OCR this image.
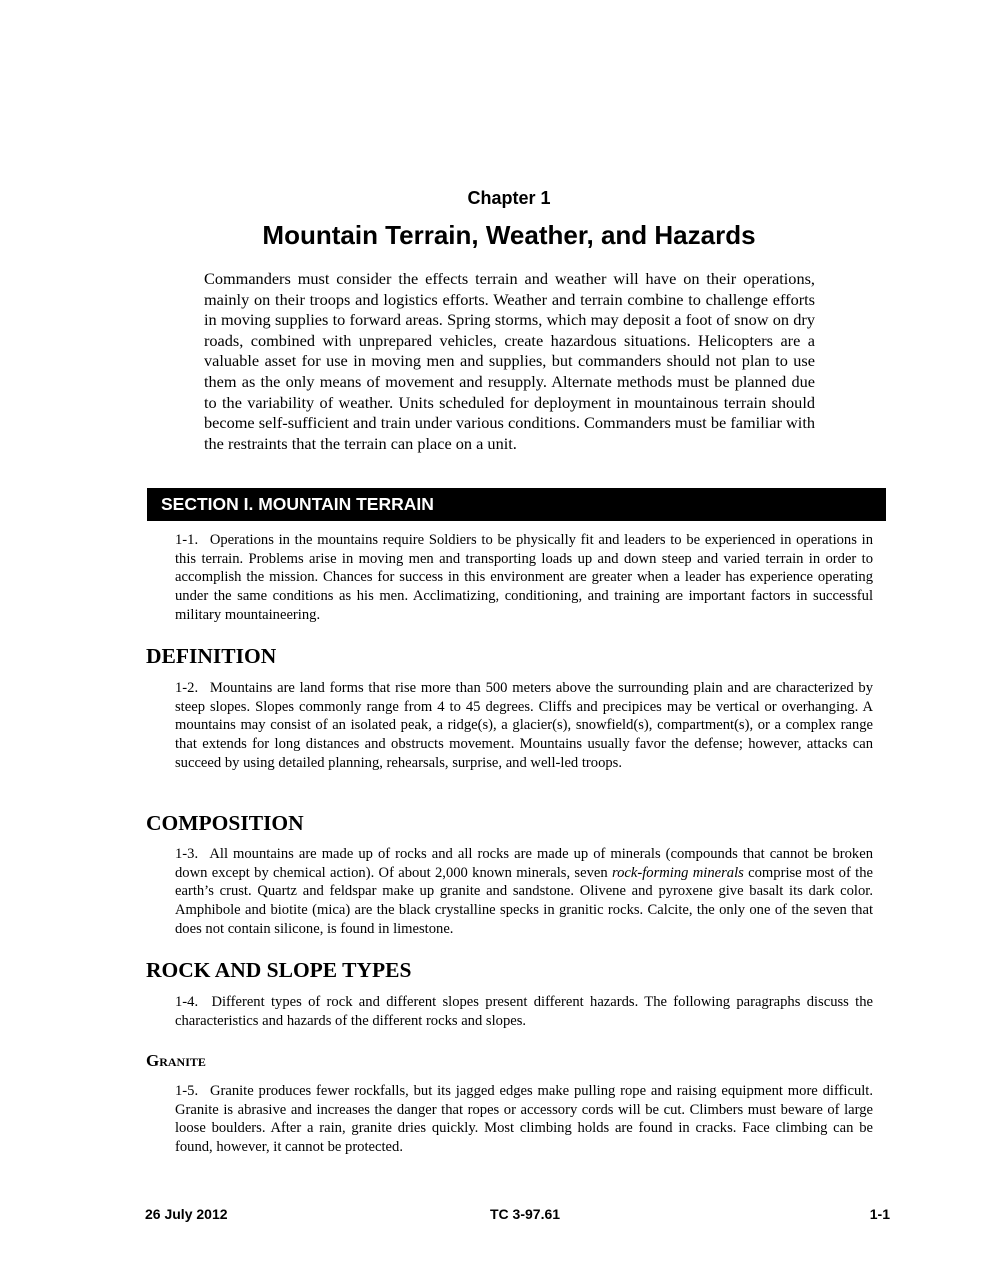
Chapter 1
Mountain Terrain, Weather, and Hazards
Commanders must consider the effects terrain and weather will have on their operations, mainly on their troops and logistics efforts. Weather and terrain combine to challenge efforts in moving supplies to forward areas. Spring storms, which may deposit a foot of snow on dry roads, combined with unprepared vehicles, create hazardous situations. Helicopters are a valuable asset for use in moving men and supplies, but commanders should not plan to use them as the only means of movement and resupply. Alternate methods must be planned due to the variability of weather. Units scheduled for deployment in mountainous terrain should become self-sufficient and train under various conditions. Commanders must be familiar with the restraints that the terrain can place on a unit.
SECTION I. MOUNTAIN TERRAIN
1-1. Operations in the mountains require Soldiers to be physically fit and leaders to be experienced in operations in this terrain. Problems arise in moving men and transporting loads up and down steep and varied terrain in order to accomplish the mission. Chances for success in this environment are greater when a leader has experience operating under the same conditions as his men. Acclimatizing, conditioning, and training are important factors in successful military mountaineering.
DEFINITION
1-2. Mountains are land forms that rise more than 500 meters above the surrounding plain and are characterized by steep slopes. Slopes commonly range from 4 to 45 degrees. Cliffs and precipices may be vertical or overhanging. A mountains may consist of an isolated peak, a ridge(s), a glacier(s), snowfield(s), compartment(s), or a complex range that extends for long distances and obstructs movement. Mountains usually favor the defense; however, attacks can succeed by using detailed planning, rehearsals, surprise, and well-led troops.
COMPOSITION
1-3. All mountains are made up of rocks and all rocks are made up of minerals (compounds that cannot be broken down except by chemical action). Of about 2,000 known minerals, seven rock-forming minerals comprise most of the earth’s crust. Quartz and feldspar make up granite and sandstone. Olivene and pyroxene give basalt its dark color. Amphibole and biotite (mica) are the black crystalline specks in granitic rocks. Calcite, the only one of the seven that does not contain silicone, is found in limestone.
ROCK AND SLOPE TYPES
1-4. Different types of rock and different slopes present different hazards. The following paragraphs discuss the characteristics and hazards of the different rocks and slopes.
Granite
1-5. Granite produces fewer rockfalls, but its jagged edges make pulling rope and raising equipment more difficult. Granite is abrasive and increases the danger that ropes or accessory cords will be cut. Climbers must beware of large loose boulders. After a rain, granite dries quickly. Most climbing holds are found in cracks. Face climbing can be found, however, it cannot be protected.
26 July 2012	TC 3-97.61	1-1
